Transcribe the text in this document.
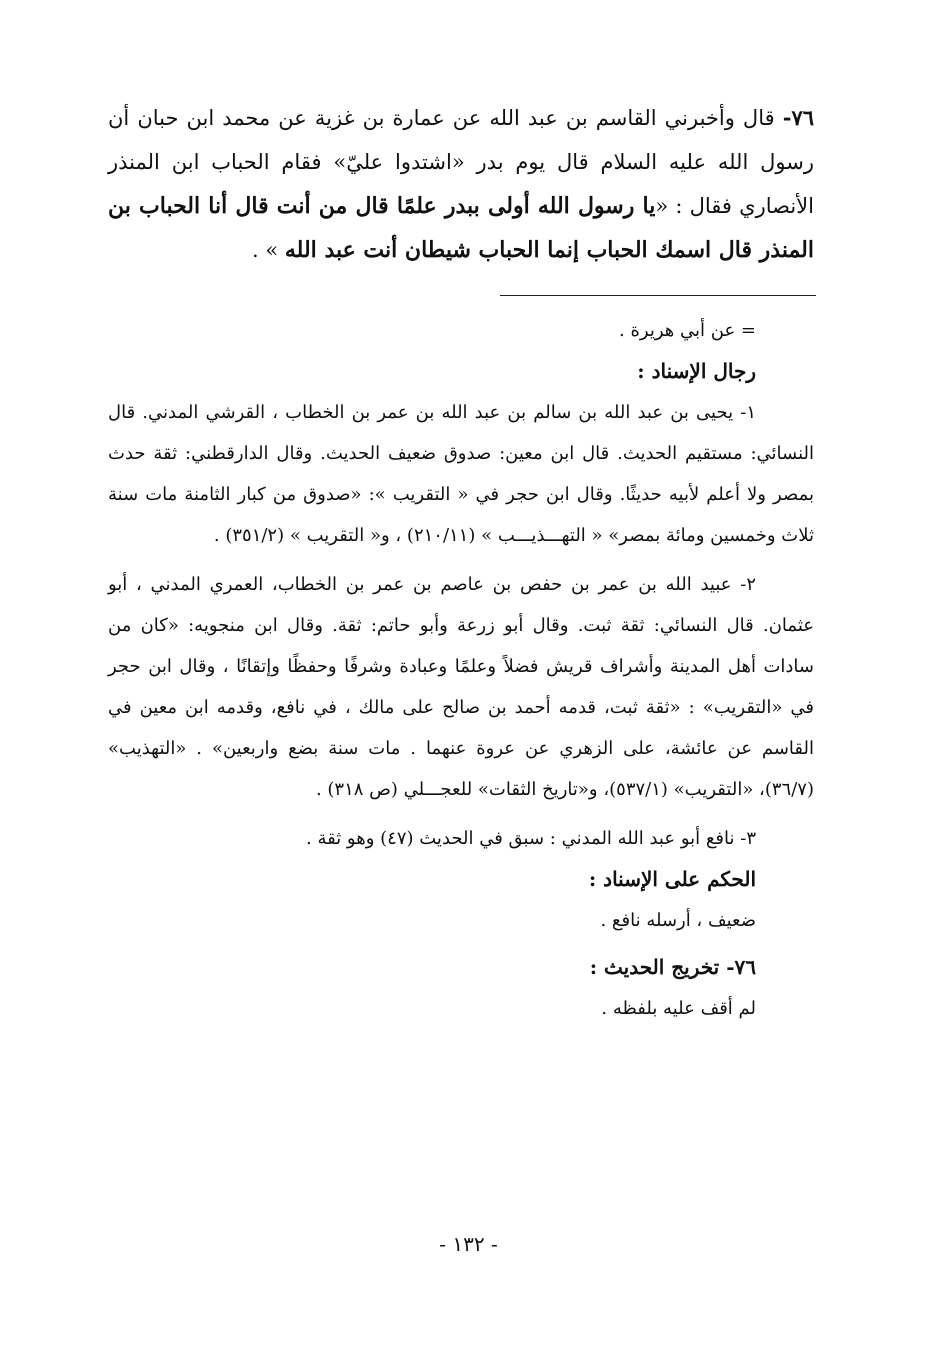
٧٦- قال وأخبرني القاسم بن عبد الله عن عمارة بن غزية عن محمد ابن حبان أن رسول الله عليه السلام قال يوم بدر «اشتدوا عليّ» فقام الحباب ابن المنذر الأنصاري فقال : «يا رسول الله أولى ببدر علمًا قال من أنت قال أنا الحباب بن المنذر قال اسمك الحباب إنما الحباب شيطان أنت عبد الله » .

= عن أبي هريرة .

رجال الإسناد :

١- يحيى بن عبد الله بن سالم بن عبد الله بن عمر بن الخطاب ، القرشي المدني. قال النسائي: مستقيم الحديث. قال ابن معين: صدوق ضعيف الحديث. وقال الدارقطني: ثقة حدث بمصر ولا أعلم لأبيه حديثًا. وقال ابن حجر في « التقريب »: «صدوق من كبار الثامنة مات سنة ثلاث وخمسين ومائة بمصر» « التهـــذيـــب » (٢١٠/١١) ، و« التقريب » (٣٥١/٢) .

٢- عبيد الله بن عمر بن حفص بن عاصم بن عمر بن الخطاب، العمري المدني ، أبو عثمان. قال النسائي: ثقة ثبت. وقال أبو زرعة وأبو حاتم: ثقة. وقال ابن منجويه: «كان من سادات أهل المدينة وأشراف قريش فضلاً وعلمًا وعبادة وشرفًا وحفظًا وإتقانًا ، وقال ابن حجر في «التقريب» : «ثقة ثبت، قدمه أحمد بن صالح على مالك ، في نافع، وقدمه ابن معين في القاسم عن عائشة، على الزهري عن عروة عنهما . مات سنة بضع واربعين» . «التهذيب» (٣٦/٧)، «التقريب» (٥٣٧/١)، و«تاريخ الثقات» للعجـــلي (ص ٣١٨) .

٣- نافع أبو عبد الله المدني : سبق في الحديث (٤٧) وهو ثقة .

الحكم على الإسناد :

ضعيف ، أرسله نافع .

٧٦- تخريج الحديث :

لم أقف عليه بلفظه .

- ١٣٢ -
